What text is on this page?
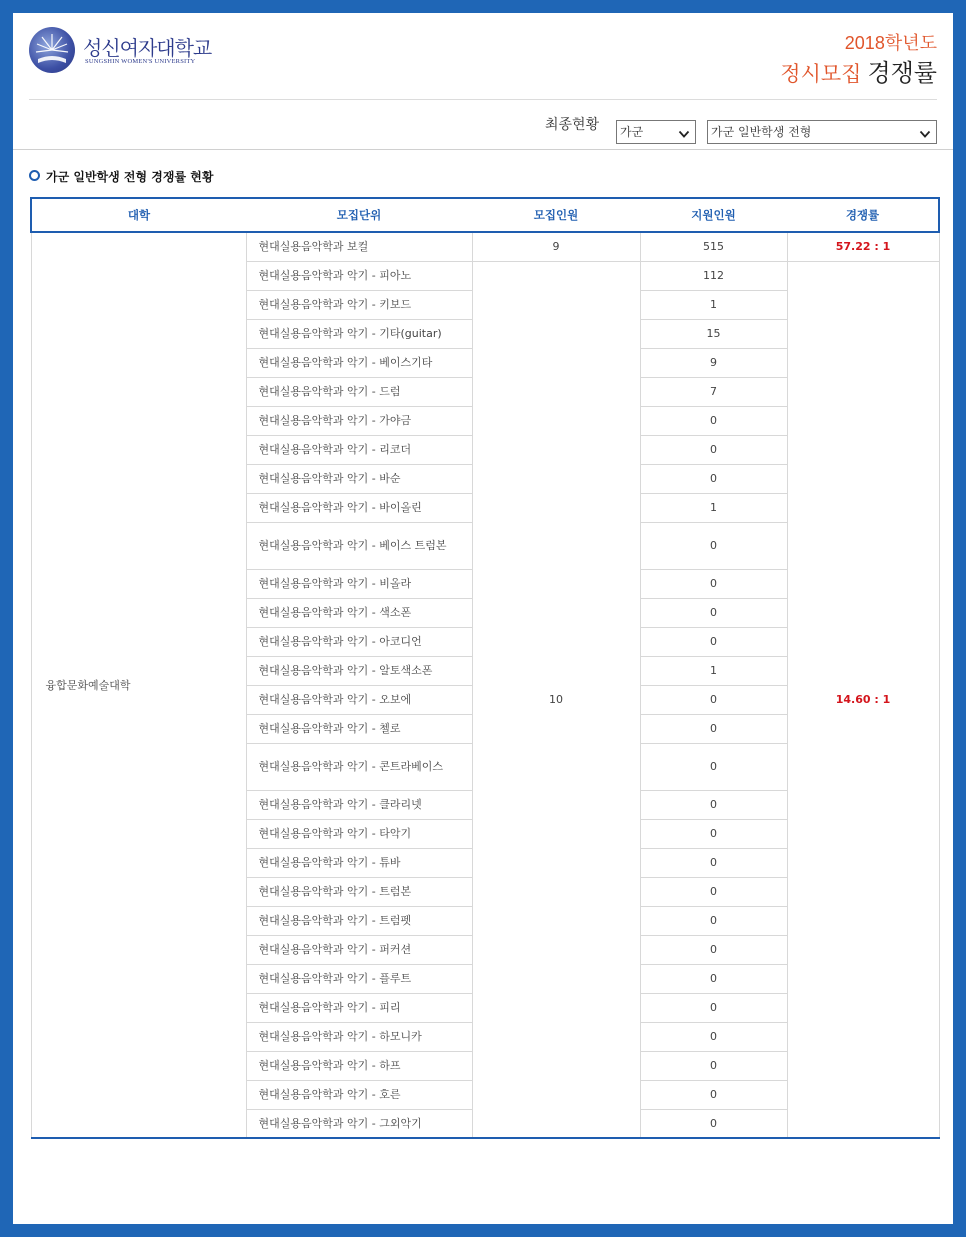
성신여자대학교
SUNGSHIN WOMEN'S UNIVERSITY
2018학년도
정시모집 경쟁률
최종현황	가군	가군 일반학생 전형
가군 일반학생 전형 경쟁률 현황
대학	모집단위	모집인원	지원인원	경쟁률
융합문화예술대학	현대실용음악학과 보컬	9	515	57.22 : 1
	현대실용음악학과 악기 - 피아노	10	112	14.60 : 1
	현대실용음악학과 악기 - 키보드		1	
	현대실용음악학과 악기 - 기타(guitar)		15	
	현대실용음악학과 악기 - 베이스기타		9	
	현대실용음악학과 악기 - 드럼		7	
	현대실용음악학과 악기 - 가야금		0	
	현대실용음악학과 악기 - 리코더		0	
	현대실용음악학과 악기 - 바순		0	
	현대실용음악학과 악기 - 바이올린		1	
	현대실용음악학과 악기 - 베이스 트럼본		0	
	현대실용음악학과 악기 - 비올라		0	
	현대실용음악학과 악기 - 색소폰		0	
	현대실용음악학과 악기 - 아코디언		0	
	현대실용음악학과 악기 - 알토색소폰		1	
	현대실용음악학과 악기 - 오보에		0	
	현대실용음악학과 악기 - 첼로		0	
	현대실용음악학과 악기 - 콘트라베이스		0	
	현대실용음악학과 악기 - 클라리넷		0	
	현대실용음악학과 악기 - 타악기		0	
	현대실용음악학과 악기 - 튜바		0	
	현대실용음악학과 악기 - 트럼본		0	
	현대실용음악학과 악기 - 트럼펫		0	
	현대실용음악학과 악기 - 퍼커션		0	
	현대실용음악학과 악기 - 플루트		0	
	현대실용음악학과 악기 - 피리		0	
	현대실용음악학과 악기 - 하모니카		0	
	현대실용음악학과 악기 - 하프		0	
	현대실용음악학과 악기 - 호른		0	
	현대실용음악학과 악기 - 그외악기		0	
